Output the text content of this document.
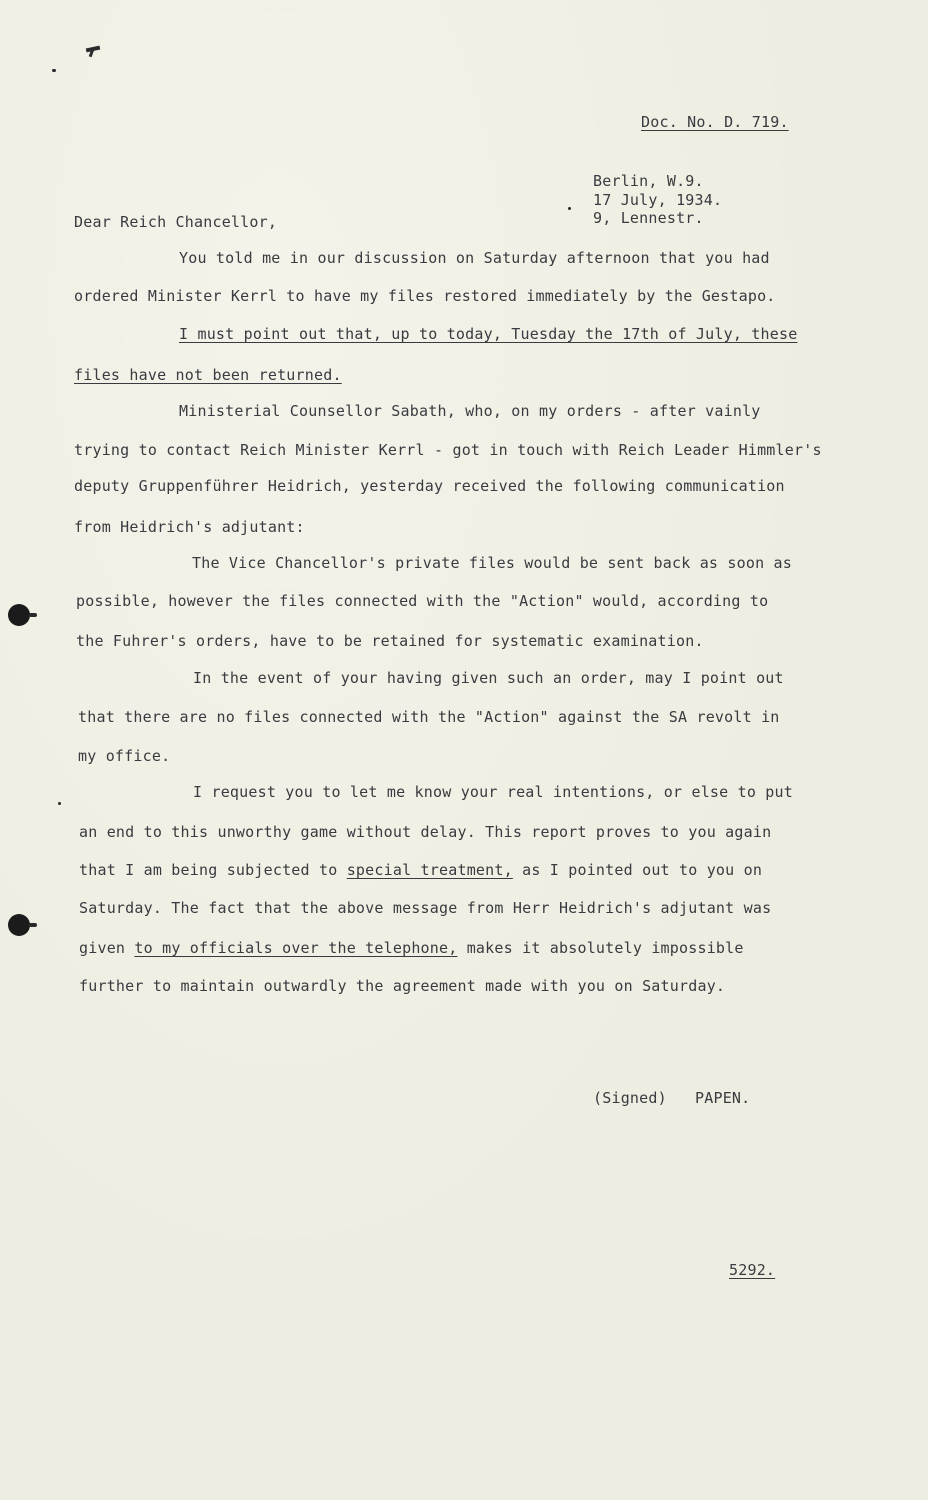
Doc. No. D. 719.
Berlin, W.9.
17 July, 1934.
9, Lennestr.
Dear Reich Chancellor,
You told me in our discussion on Saturday afternoon that you had
ordered Minister Kerrl to have my files restored immediately by the Gestapo.
I must point out that, up to today, Tuesday the 17th of July, these
files have not been returned.
Ministerial Counsellor Sabath, who, on my orders - after vainly
trying to contact Reich Minister Kerrl - got in touch with Reich Leader Himmler's
deputy Gruppenführer Heidrich, yesterday received the following communication
from Heidrich's adjutant:
The Vice Chancellor's private files would be sent back as soon as
possible, however the files connected with the "Action" would, according to
the Fuhrer's orders, have to be retained for systematic examination.
In the event of your having given such an order, may I point out
that there are no files connected with the "Action" against the SA revolt in
my office.
I request you to let me know your real intentions, or else to put
an end to this unworthy game without delay. This report proves to you again
that I am being subjected to special treatment, as I pointed out to you on
Saturday. The fact that the above message from Herr Heidrich's adjutant was
given to my officials over the telephone, makes it absolutely impossible
further to maintain outwardly the agreement made with you on Saturday.
(Signed) PAPEN.
5292.
